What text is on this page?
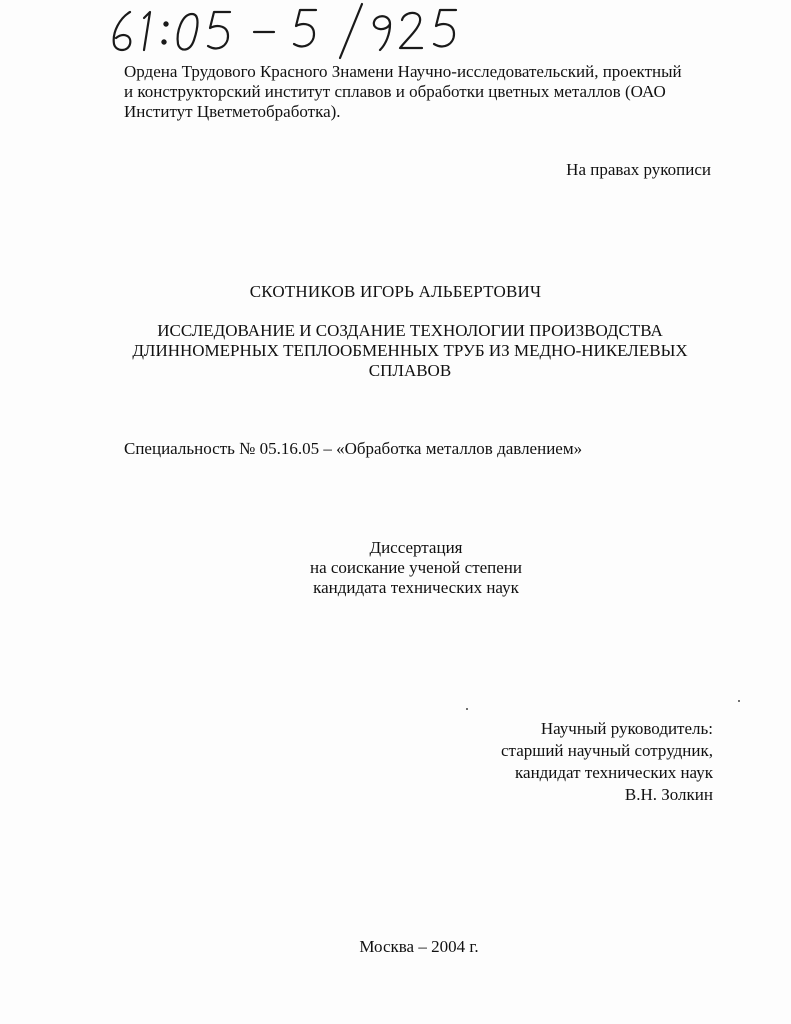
Ордена Трудового Красного Знамени Научно-исследовательский, проектный
и конструкторский институт сплавов и обработки цветных металлов (ОАО
Институт Цветметобработка).

На правах рукописи
СКОТНИКОВ ИГОРЬ АЛЬБЕРТОВИЧ
ИССЛЕДОВАНИЕ И СОЗДАНИЕ ТЕХНОЛОГИИ ПРОИЗВОДСТВА
ДЛИННОМЕРНЫХ ТЕПЛООБМЕННЫХ ТРУБ ИЗ МЕДНО-НИКЕЛЕВЫХ
СПЛАВОВ
Специальность № 05.16.05 – «Обработка металлов давлением»
Диссертация
на соискание ученой степени
кандидата технических наук
Научный руководитель:
старший научный сотрудник,
кандидат технических наук
В.Н. Золкин
Москва – 2004 г.
